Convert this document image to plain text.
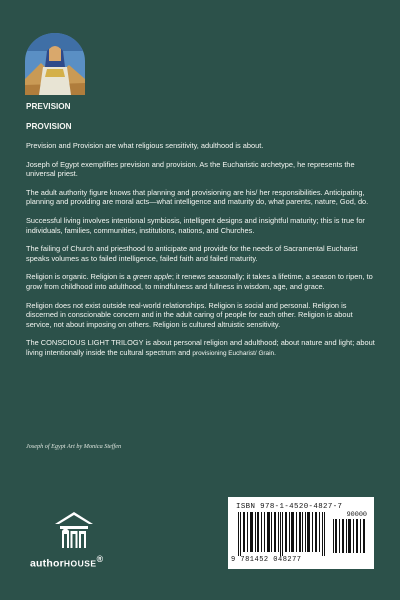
PREVISION
PROVISION

Prevision and Provision are what religious sensitivity, adulthood is about.

Joseph of Egypt exemplifies prevision and provision. As the Eucharistic archetype, he represents the universal priest.

The adult authority figure knows that planning and provisioning are his/ her responsibilities. Anticipating, planning and providing are moral acts—what intelligence and maturity do, what parents, nature, God, do.

Successful living involves intentional symbiosis, intelligent designs and insightful maturity; this is true for individuals, families, communities, institutions, nations, and Churches.

The failing of Church and priesthood to anticipate and provide for the needs of Sacramental Eucharist speaks volumes as to failed intelligence, failed faith and failed maturity.

Religion is organic. Religion is a green apple; it renews seasonally; it takes a lifetime, a season to ripen, to grow from childhood into adulthood, to mindfulness and fullness in wisdom, age, and grace.

Religion does not exist outside real-world relationships. Religion is social and personal. Religion is discerned in conscionable concern and in the adult caring of people for each other. Religion is about service, not about imposing on others. Religion is cultured altruistic sensitivity.

The CONSCIOUS LIGHT TRILOGY is about personal religion and adulthood; about nature and light; about living intentionally inside the cultural spectrum and provisioning Eucharist/ Grain.

Joseph of Egypt Art by Monica Steffen
authorHOUSE®
ISBN 978-1-4520-4827-7
90000
9 781452 048277
